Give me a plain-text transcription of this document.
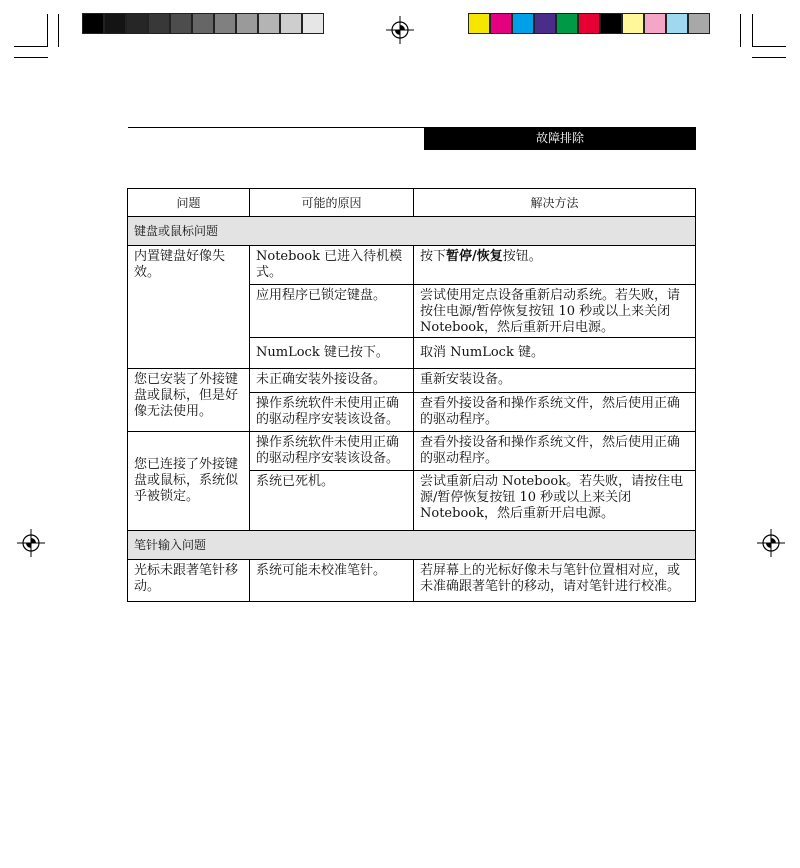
故障排除
问题	可能的原因	解决方法
键盘或鼠标问题		
内置键盘好像失效。	Notebook 已进入待机模式。	按下暂停/恢复按钮。
	应用程序已锁定键盘。	尝试使用定点设备重新启动系统。若失败，请按住电源/暂停恢复按钮 10 秒或以上来关闭 Notebook，然后重新开启电源。
	NumLock 键已按下。	取消 NumLock 键。
您已安装了外接键盘或鼠标，但是好像无法使用。	未正确安装外接设备。	重新安装设备。
	操作系统软件未使用正确的驱动程序安装该设备。	查看外接设备和操作系统文件，然后使用正确的驱动程序。
您已连接了外接键盘或鼠标，系统似乎被锁定。	操作系统软件未使用正确的驱动程序安装该设备。	查看外接设备和操作系统文件，然后使用正确的驱动程序。
	系统已死机。	尝试重新启动 Notebook。若失败，请按住电源/暂停恢复按钮 10 秒或以上来关闭 Notebook，然后重新开启电源。
笔针输入问题		
光标未跟著笔针移动。	系统可能未校准笔针。	若屏幕上的光标好像未与笔针位置相对应，或未准确跟著笔针的移动，请对笔针进行校准。
